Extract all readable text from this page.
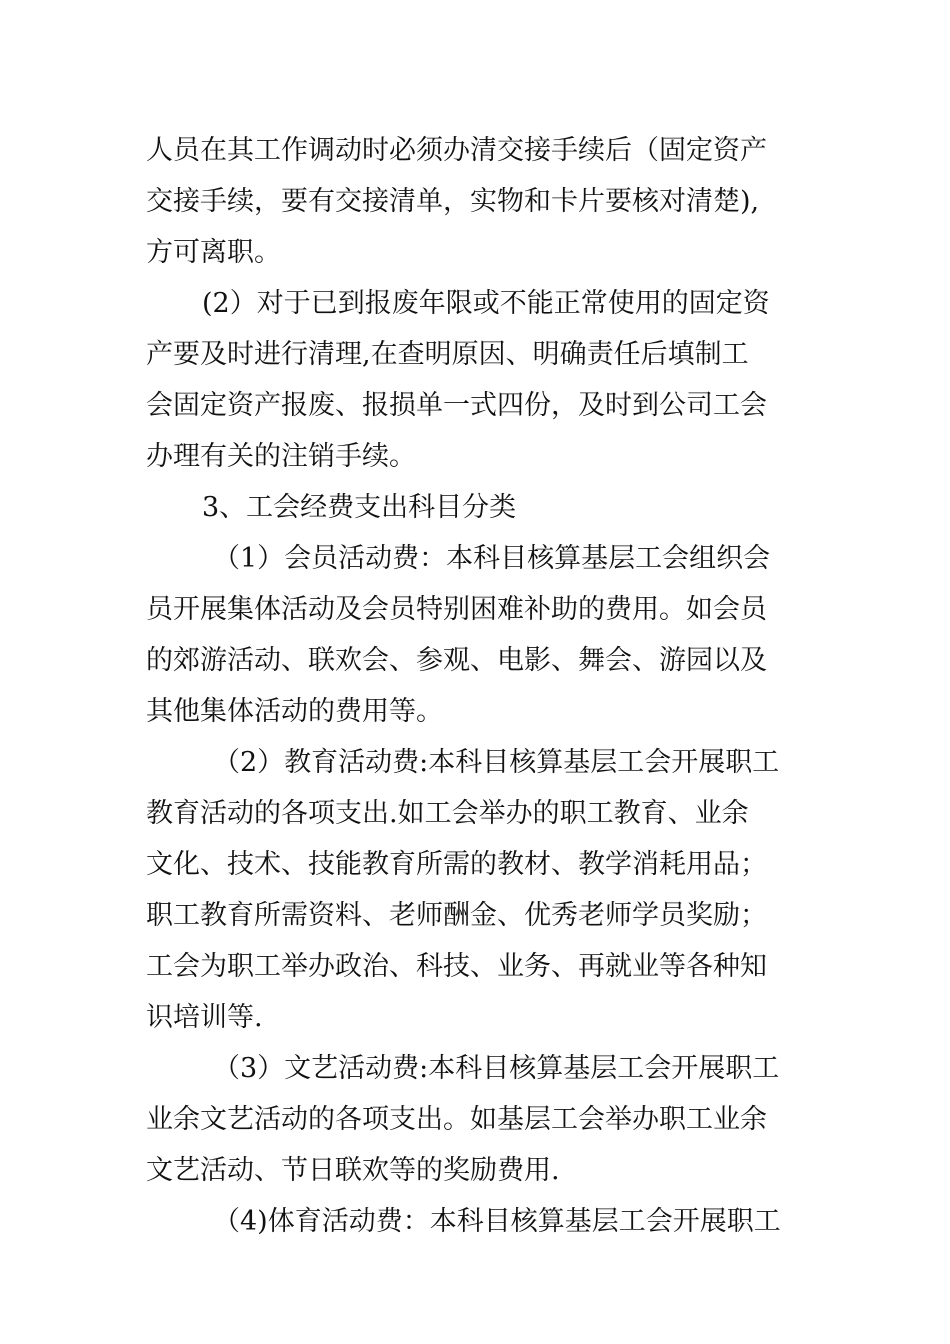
人员在其工作调动时必须办清交接手续后（固定资产
交接手续，要有交接清单，实物和卡片要核对清楚),
方可离职。
(2）对于已到报废年限或不能正常使用的固定资
产要及时进行清理,在查明原因、明确责任后填制工
会固定资产报废、报损单一式四份，及时到公司工会
办理有关的注销手续。
3、工会经费支出科目分类
（1）会员活动费：本科目核算基层工会组织会
员开展集体活动及会员特别困难补助的费用。如会员
的郊游活动、联欢会、参观、电影、舞会、游园以及
其他集体活动的费用等。
（2）教育活动费:本科目核算基层工会开展职工
教育活动的各项支出.如工会举办的职工教育、业余
文化、技术、技能教育所需的教材、教学消耗用品；
职工教育所需资料、老师酬金、优秀老师学员奖励；
工会为职工举办政治、科技、业务、再就业等各种知
识培训等.
（3）文艺活动费:本科目核算基层工会开展职工
业余文艺活动的各项支出。如基层工会举办职工业余
文艺活动、节日联欢等的奖励费用.
（4)体育活动费：本科目核算基层工会开展职工
